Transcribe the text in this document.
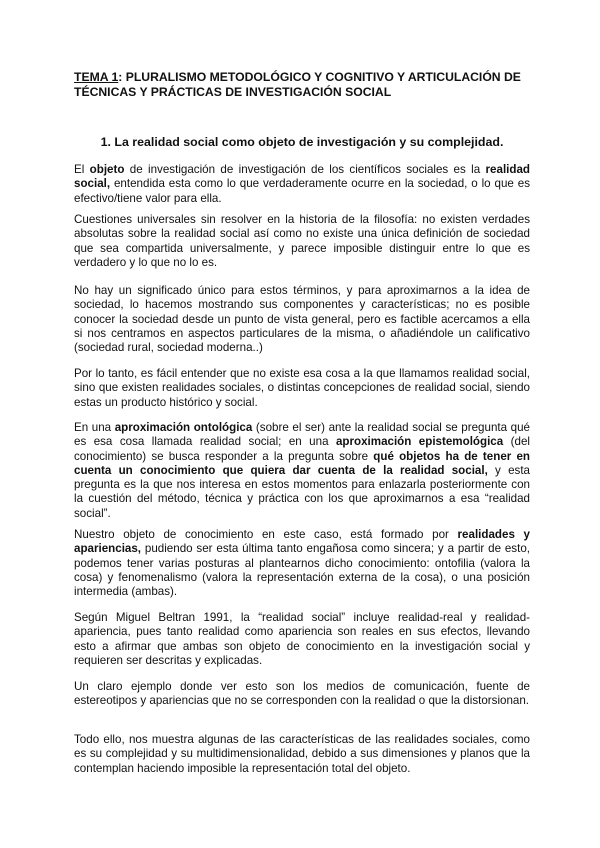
TEMA 1: PLURALISMO METODOLÓGICO Y COGNITIVO Y ARTICULACIÓN DE TÉCNICAS Y PRÁCTICAS DE INVESTIGACIÓN SOCIAL
1. La realidad social como objeto de investigación y su complejidad.

El objeto de investigación de investigación de los científicos sociales es la realidad social, entendida esta como lo que verdaderamente ocurre en la sociedad, o lo que es efectivo/tiene valor para ella.

Cuestiones universales sin resolver en la historia de la filosofía: no existen verdades absolutas sobre la realidad social así como no existe una única definición de sociedad que sea compartida universalmente, y parece imposible distinguir entre lo que es verdadero y lo que no lo es.

No hay un significado único para estos términos, y para aproximarnos a la idea de sociedad, lo hacemos mostrando sus componentes y características; no es posible conocer la sociedad desde un punto de vista general, pero es factible acercamos a ella si nos centramos en aspectos particulares de la misma, o añadiéndole un calificativo (sociedad rural, sociedad moderna..)

Por lo tanto, es fácil entender que no existe esa cosa a la que llamamos realidad social, sino que existen realidades sociales, o distintas concepciones de realidad social, siendo estas un producto histórico y social.

En una aproximación ontológica (sobre el ser) ante la realidad social se pregunta qué es esa cosa llamada realidad social; en una aproximación epistemológica (del conocimiento) se busca responder a la pregunta sobre qué objetos ha de tener en cuenta un conocimiento que quiera dar cuenta de la realidad social, y esta pregunta es la que nos interesa en estos momentos para enlazarla posteriormente con la cuestión del método, técnica y práctica con los que aproximarnos a esa “realidad social”.

Nuestro objeto de conocimiento en este caso, está formado por realidades y apariencias, pudiendo ser esta última tanto engañosa como sincera; y a partir de esto, podemos tener varias posturas al plantearnos dicho conocimiento: ontofilia (valora la cosa) y fenomenalismo (valora la representación externa de la cosa), o una posición intermedia (ambas).

Según Miguel Beltran 1991, la “realidad social” incluye realidad-real y realidad-apariencia, pues tanto realidad como apariencia son reales en sus efectos, llevando esto a afirmar que ambas son objeto de conocimiento en la investigación social y requieren ser descritas y explicadas.

Un claro ejemplo donde ver esto son los medios de comunicación, fuente de estereotipos y apariencias que no se corresponden con la realidad o que la distorsionan.

Todo ello, nos muestra algunas de las características de las realidades sociales, como es su complejidad y su multidimensionalidad, debido a sus dimensiones y planos que la contemplan haciendo imposible la representación total del objeto.
